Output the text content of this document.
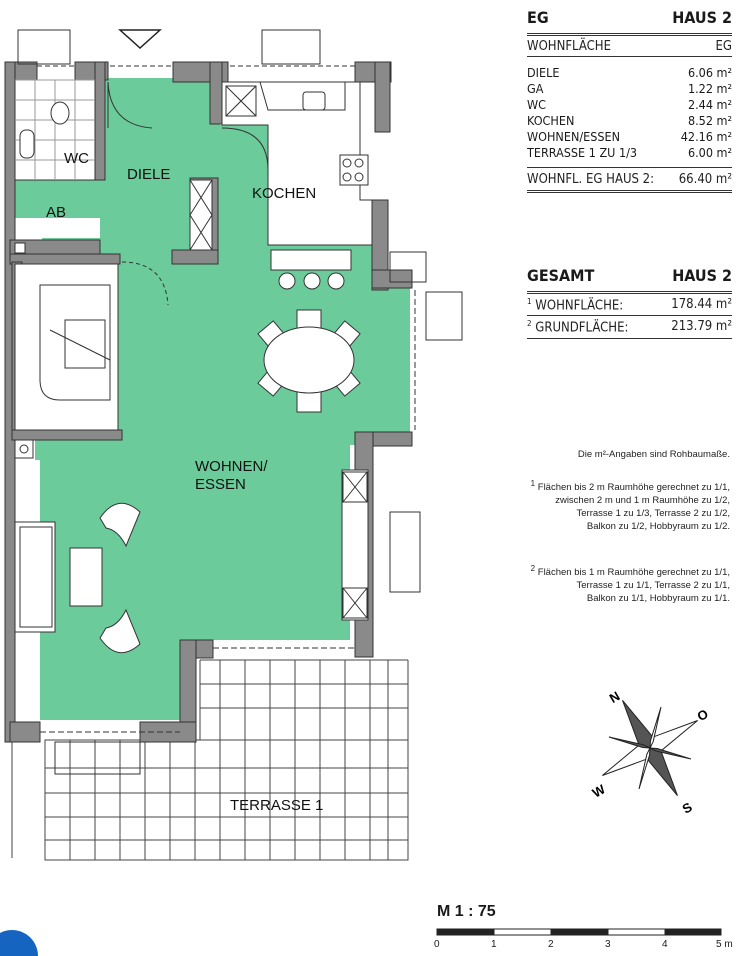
WC
DIELE
AB
KOCHEN
WOHNEN/
ESSEN
TERRASSE 1
N
O
S
W
EG	HAUS 2
WOHNFLÄCHE	EG
DIELE	6.06 m²
GA	1.22 m²
WC	2.44 m²
KOCHEN	8.52 m²
WOHNEN/ESSEN	42.16 m²
TERRASSE 1 ZU 1/3	6.00 m²
WOHNFL. EG HAUS 2: 66.40 m²
GESAMT	HAUS 2
$^1$ WOHNFLÄCHE:	178.44 m²
$^2$ GRUNDFLÄCHE:	213.79 m²
Die m²-Angaben sind Rohbaumaße.
$^1$ Flächen bis 2 m Raumhöhe gerechnet zu 1/1,
zwischen 2 m und 1 m Raumhöhe zu 1/2,
Terrasse 1 zu 1/3, Terrasse 2 zu 1/2,
Balkon zu 1/2, Hobbyraum zu 1/2.
$^2$ Flächen bis 1 m Raumhöhe gerechnet zu 1/1,
Terrasse 1 zu 1/1, Terrasse 2 zu 1/1,
Balkon zu 1/1, Hobbyraum zu 1/1.
M 1 : 75
0	1	2	3	4	5 m
